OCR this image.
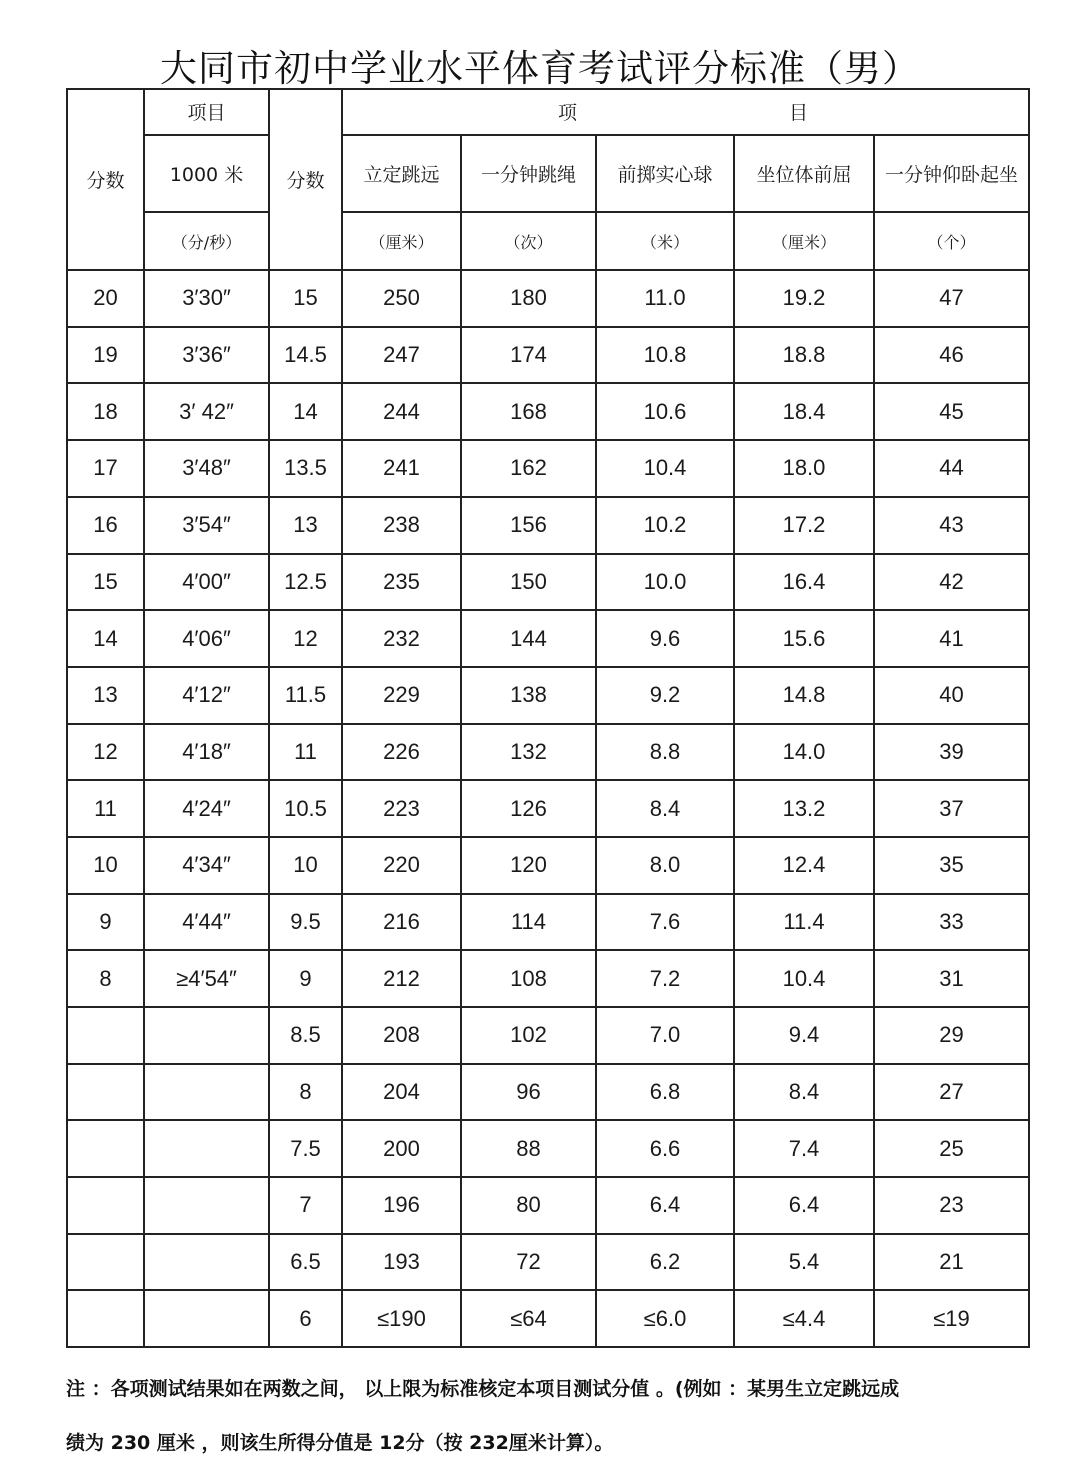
大同市初中学业水平体育考试评分标准（男）
分数	项目	分数	项 目				

	1000 米		立定跳远	一分钟跳绳	前掷实心球	坐位体前屈	一分钟仰卧起坐
	（分/秒）		（厘米）	（次）	（米）	（厘米）	（个）
20	3′30″	15	250	180	11.0	19.2	47
19	3′36″	14.5	247	174	10.8	18.8	46
18	3′ 42″	14	244	168	10.6	18.4	45
17	3′48″	13.5	241	162	10.4	18.0	44
16	3′54″	13	238	156	10.2	17.2	43
15	4′00″	12.5	235	150	10.0	16.4	42
14	4′06″	12	232	144	9.6	15.6	41
13	4′12″	11.5	229	138	9.2	14.8	40
12	4′18″	11	226	132	8.8	14.0	39
11	4′24″	10.5	223	126	8.4	13.2	37
10	4′34″	10	220	120	8.0	12.4	35
9	4′44″	9.5	216	114	7.6	11.4	33
8	≥4′54″	9	212	108	7.2	10.4	31
		8.5	208	102	7.0	9.4	29
		8	204	96	6.8	8.4	27
		7.5	200	88	6.6	7.4	25
		7	196	80	6.4	6.4	23
		6.5	193	72	6.2	5.4	21
		6	≤190	≤64	≤6.0	≤4.4	≤19
注 ：各项测试结果如在两数之间， 以上限为标准核定本项目测试分值 。(例如 ：某男生立定跳远成
绩为 230 厘米 ，则该生所得分值是 12分（按 232厘米计算）。
